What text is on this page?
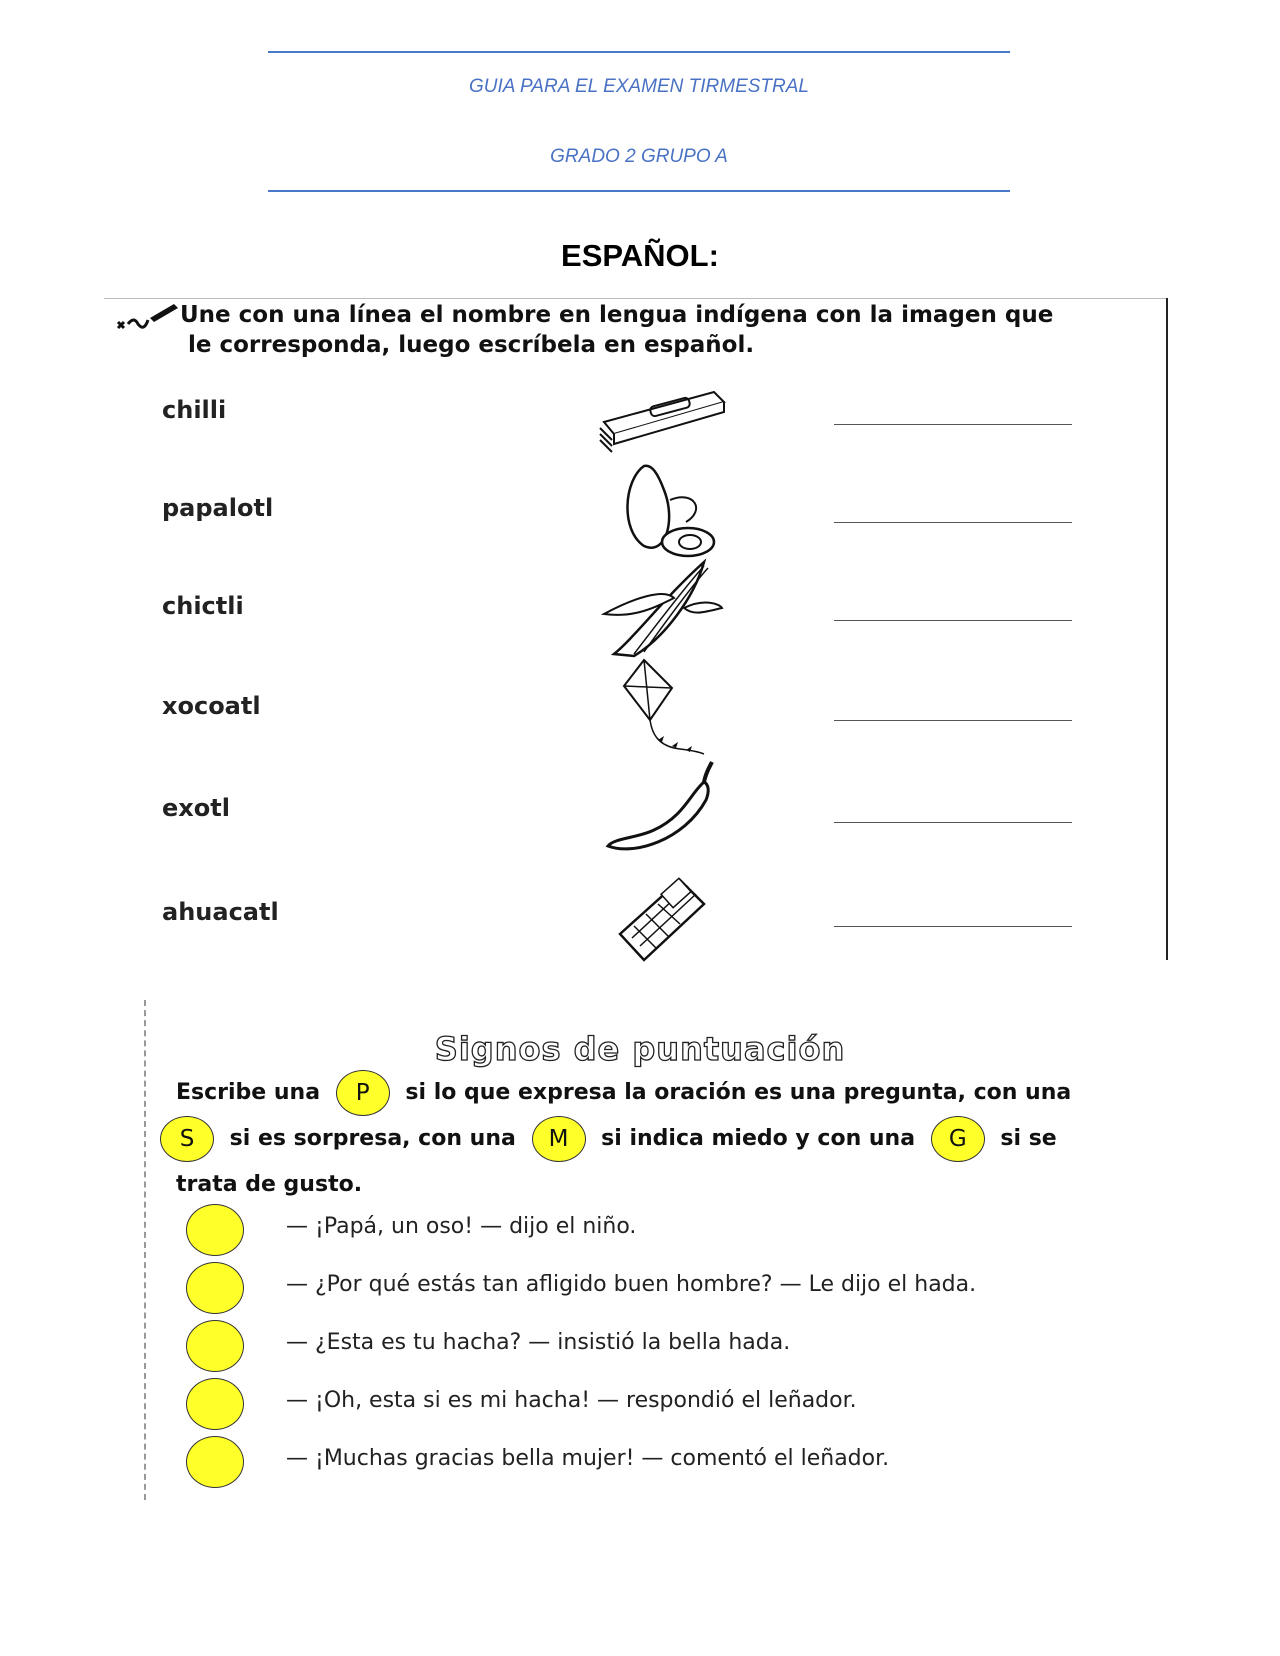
GUIA PARA EL EXAMEN TIRMESTRAL
GRADO 2 GRUPO A
ESPAÑOL:
Une con una línea el nombre en lengua indígena con la imagen que
le corresponda, luego escríbela en español.
chilli
papalotl
chictli
xocoatl
exotl
ahuacatl
Signos de puntuación
Escribe una P si lo que expresa la oración es una pregunta, con una
S si es sorpresa, con una M si indica miedo y con una G si se
trata de gusto.
— ¡Papá, un oso! — dijo el niño.
— ¿Por qué estás tan afligido buen hombre? — Le dijo el hada.
— ¿Esta es tu hacha? — insistió la bella hada.
— ¡Oh, esta si es mi hacha! — respondió el leñador.
— ¡Muchas gracias bella mujer! — comentó el leñador.
